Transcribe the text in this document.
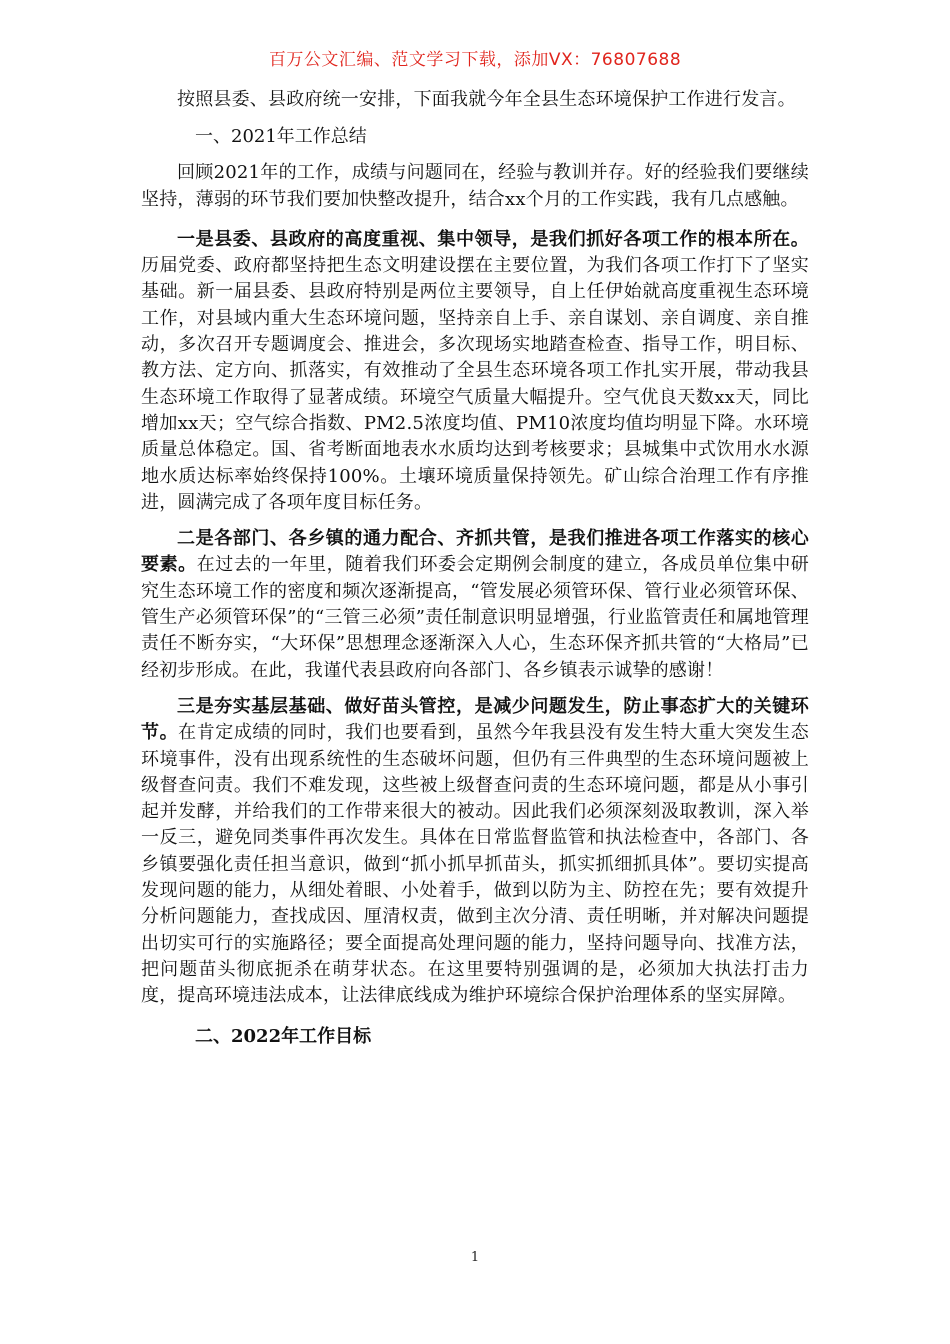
百万公文汇编、范文学习下载，添加VX：76807688

按照县委、县政府统一安排，下面我就今年全县生态环境保护工作进行发言。

一、2021年工作总结

回顾2021年的工作，成绩与问题同在，经验与教训并存。好的经验我们要继续坚持，薄弱的环节我们要加快整改提升，结合xx个月的工作实践，我有几点感触。

一是县委、县政府的高度重视、集中领导，是我们抓好各项工作的根本所在。历届党委、政府都坚持把生态文明建设摆在主要位置，为我们各项工作打下了坚实基础。新一届县委、县政府特别是两位主要领导，自上任伊始就高度重视生态环境工作，对县域内重大生态环境问题，坚持亲自上手、亲自谋划、亲自调度、亲自推动，多次召开专题调度会、推进会，多次现场实地踏查检查、指导工作，明目标、教方法、定方向、抓落实，有效推动了全县生态环境各项工作扎实开展，带动我县生态环境工作取得了显著成绩。环境空气质量大幅提升。空气优良天数xx天，同比增加xx天；空气综合指数、PM2.5浓度均值、PM10浓度均值均明显下降。水环境质量总体稳定。国、省考断面地表水水质均达到考核要求；县城集中式饮用水水源地水质达标率始终保持100%。土壤环境质量保持领先。矿山综合治理工作有序推进，圆满完成了各项年度目标任务。

二是各部门、各乡镇的通力配合、齐抓共管，是我们推进各项工作落实的核心要素。在过去的一年里，随着我们环委会定期例会制度的建立，各成员单位集中研究生态环境工作的密度和频次逐渐提高，“管发展必须管环保、管行业必须管环保、管生产必须管环保”的“三管三必须”责任制意识明显增强，行业监管责任和属地管理责任不断夯实，“大环保”思想理念逐渐深入人心，生态环保齐抓共管的“大格局”已经初步形成。在此，我谨代表县政府向各部门、各乡镇表示诚挚的感谢！

三是夯实基层基础、做好苗头管控，是减少问题发生，防止事态扩大的关键环节。在肯定成绩的同时，我们也要看到，虽然今年我县没有发生特大重大突发生态环境事件，没有出现系统性的生态破坏问题，但仍有三件典型的生态环境问题被上级督查问责。我们不难发现，这些被上级督查问责的生态环境问题，都是从小事引起并发酵，并给我们的工作带来很大的被动。因此我们必须深刻汲取教训，深入举一反三，避免同类事件再次发生。具体在日常监督监管和执法检查中，各部门、各乡镇要强化责任担当意识，做到“抓小抓早抓苗头，抓实抓细抓具体”。要切实提高发现问题的能力，从细处着眼、小处着手，做到以防为主、防控在先；要有效提升分析问题能力，查找成因、厘清权责，做到主次分清、责任明晰，并对解决问题提出切实可行的实施路径；要全面提高处理问题的能力，坚持问题导向、找准方法，把问题苗头彻底扼杀在萌芽状态。在这里要特别强调的是，必须加大执法打击力度，提高环境违法成本，让法律底线成为维护环境综合保护治理体系的坚实屏障。

二、2022年工作目标

1
